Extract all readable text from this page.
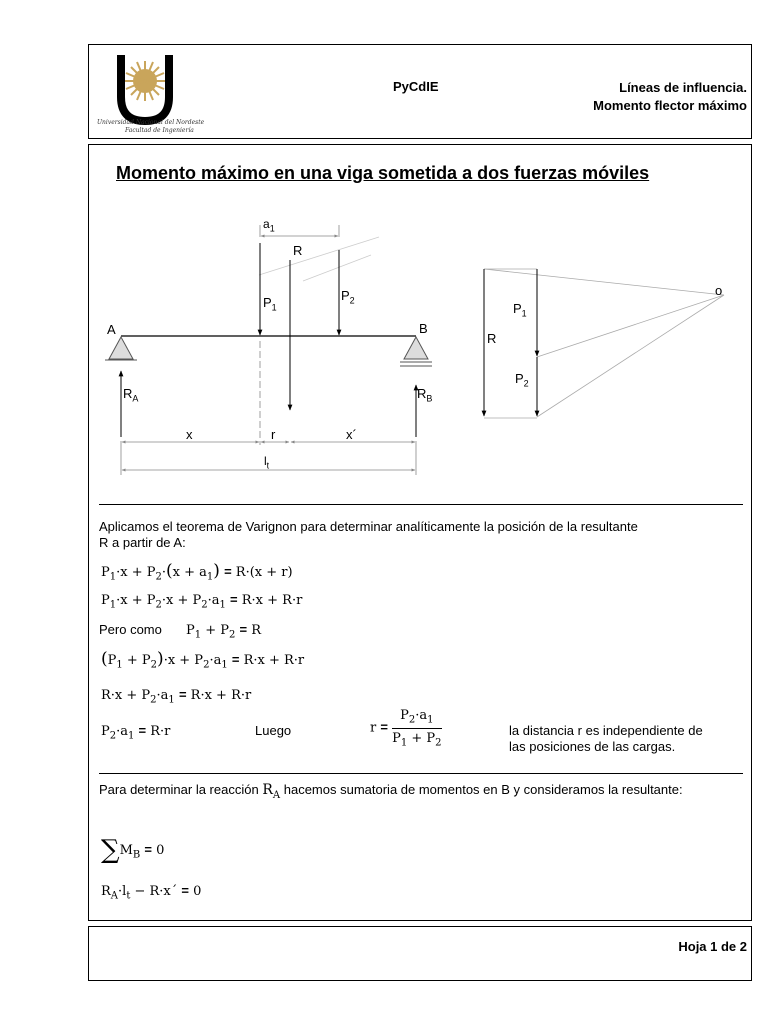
Universidad Nacional del Nordeste
Facultad de Ingeniería
PyCdIE	Líneas de influencia.
Momento flector máximo
Momento máximo en una viga sometida a dos fuerzas móviles
$a_1$
R
$P_1$
$P_2$
A	B
$R_A$	$R_B$
x	r	x´
$l_t$
o
$P_1$
$P_2$
R
Aplicamos el teorema de Varignon para determinar analíticamente la posición de la resultante
R a partir de A:
$P_1\cdot x + P_2\cdot(x + a_1) = R\cdot(x + r)$
$P_1\cdot x + P_2\cdot x + P_2\cdot a_1 = R\cdot x + R\cdot r$
Pero como $P_1 + P_2 = R$
$(P_1 + P_2)\cdot x + P_2\cdot a_1 = R\cdot x + R\cdot r$
$R\cdot x + P_2\cdot a_1 = R\cdot x + R\cdot r$
$P_2\cdot a_1 = R\cdot r$	Luego	$r = \frac{P_2\cdot a_1}{P_1 + P_2}$	la distancia r es independiente de
las posiciones de las cargas.
Para determinar la reacción $R_A$ hacemos sumatoria de momentos en B y consideramos la resultante:
$\sum M_B = 0$
$R_A\cdot l_t$ − R·x´ = 0
Hoja 1 de 2
